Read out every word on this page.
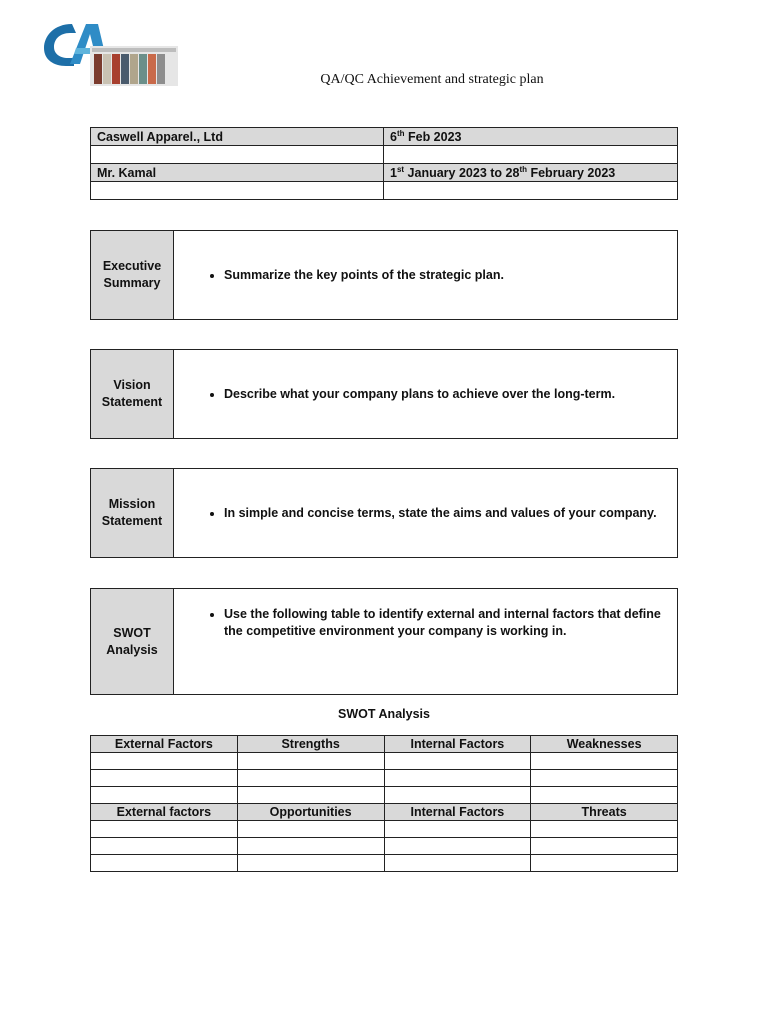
QA/QC Achievement and strategic plan
Caswell Apparel., Ltd	6th Feb 2023

Mr. Kamal	1st January 2023 to 28th February 2023

Executive
Summary	
• Summarize the key points of the strategic plan.
Vision
Statement	
• Describe what your company plans to achieve over the long-term.
Mission
Statement	
• In simple and concise terms, state the aims and values of your company.
SWOT
Analysis	
• Use the following table to identify external and internal factors that define the competitive environment your company is working in.
SWOT Analysis
External Factors	Strengths	Internal Factors	Weaknesses

External factors	Opportunities	Internal Factors	Threats
